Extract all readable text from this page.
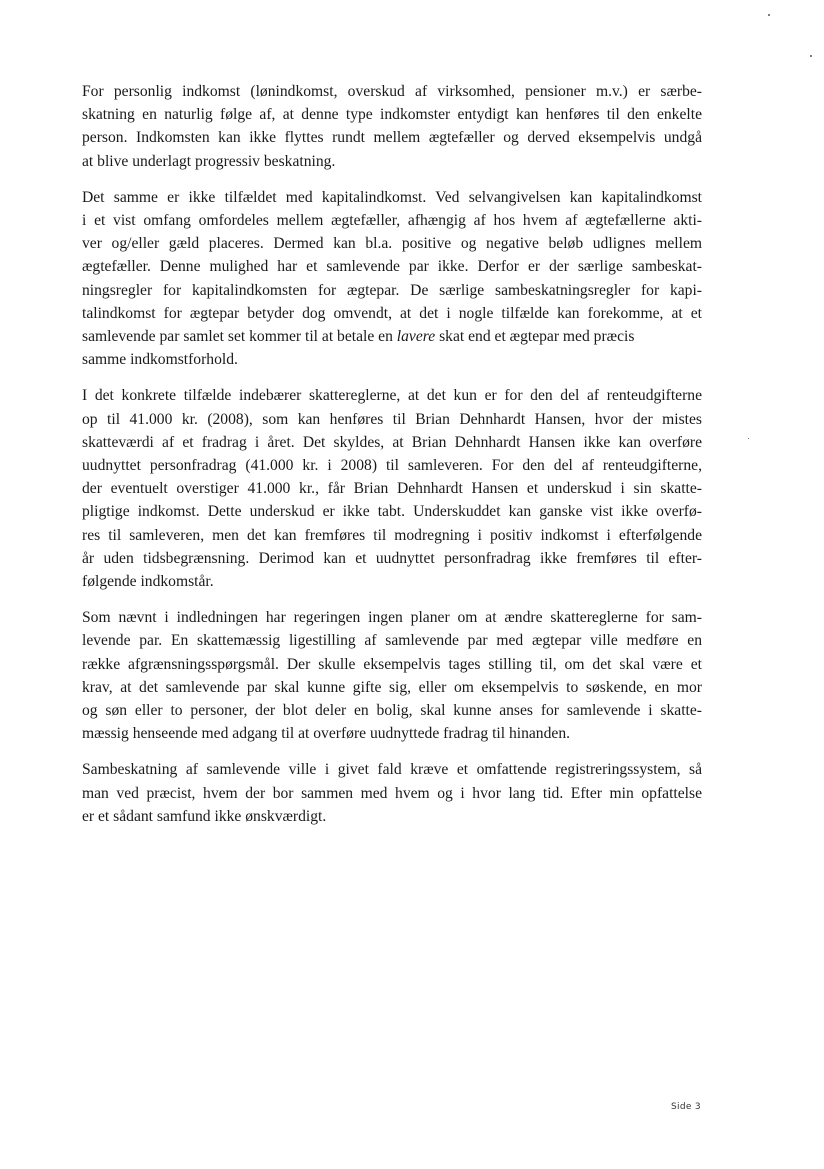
For personlig indkomst (lønindkomst, overskud af virksomhed, pensioner m.v.) er særbe-
skatning en naturlig følge af, at denne type indkomster entydigt kan henføres til den enkelte
person. Indkomsten kan ikke flyttes rundt mellem ægtefæller og derved eksempelvis undgå
at blive underlagt progressiv beskatning.

Det samme er ikke tilfældet med kapitalindkomst. Ved selvangivelsen kan kapitalindkomst
i et vist omfang omfordeles mellem ægtefæller, afhængig af hos hvem af ægtefællerne akti-
ver og/eller gæld placeres. Dermed kan bl.a. positive og negative beløb udlignes mellem
ægtefæller. Denne mulighed har et samlevende par ikke. Derfor er der særlige sambeskat-
ningsregler for kapitalindkomsten for ægtepar. De særlige sambeskatningsregler for kapi-
talindkomst for ægtepar betyder dog omvendt, at det i nogle tilfælde kan forekomme, at et
samlevende par samlet set kommer til at betale en lavere skat end et ægtepar med præcis
samme indkomstforhold.

I det konkrete tilfælde indebærer skattereglerne, at det kun er for den del af renteudgifterne
op til 41.000 kr. (2008), som kan henføres til Brian Dehnhardt Hansen, hvor der mistes
skatteværdi af et fradrag i året. Det skyldes, at Brian Dehnhardt Hansen ikke kan overføre
uudnyttet personfradrag (41.000 kr. i 2008) til samleveren. For den del af renteudgifterne,
der eventuelt overstiger 41.000 kr., får Brian Dehnhardt Hansen et underskud i sin skatte-
pligtige indkomst. Dette underskud er ikke tabt. Underskuddet kan ganske vist ikke overfø-
res til samleveren, men det kan fremføres til modregning i positiv indkomst i efterfølgende
år uden tidsbegrænsning. Derimod kan et uudnyttet personfradrag ikke fremføres til efter-
følgende indkomstår.

Som nævnt i indledningen har regeringen ingen planer om at ændre skattereglerne for sam-
levende par. En skattemæssig ligestilling af samlevende par med ægtepar ville medføre en
række afgrænsningsspørgsmål. Der skulle eksempelvis tages stilling til, om det skal være et
krav, at det samlevende par skal kunne gifte sig, eller om eksempelvis to søskende, en mor
og søn eller to personer, der blot deler en bolig, skal kunne anses for samlevende i skatte-
mæssig henseende med adgang til at overføre uudnyttede fradrag til hinanden.

Sambeskatning af samlevende ville i givet fald kræve et omfattende registreringssystem, så
man ved præcist, hvem der bor sammen med hvem og i hvor lang tid. Efter min opfattelse
er et sådant samfund ikke ønskværdigt.

Side 3
